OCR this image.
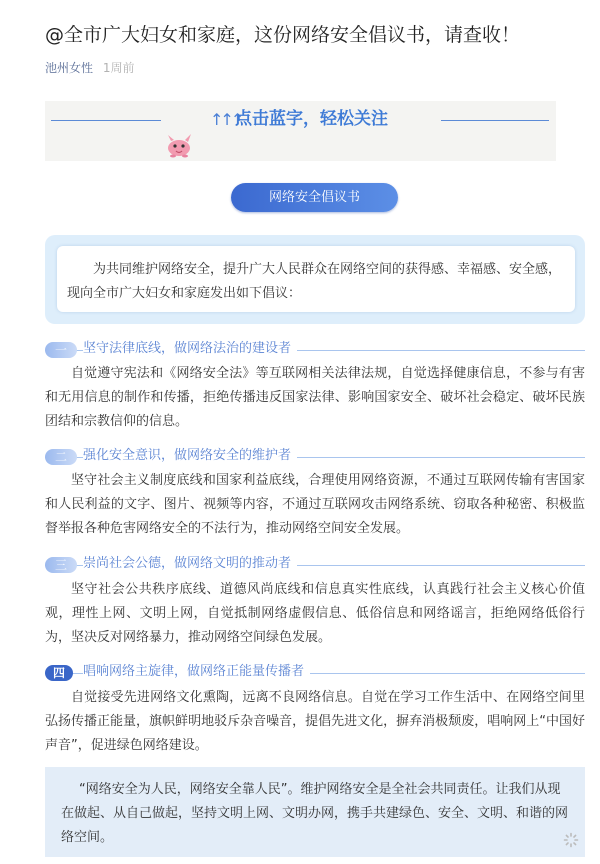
@全市广大妇女和家庭，这份网络安全倡议书，请查收！
池州女性 1周前
↑↑↑
点击蓝字，轻松关注
网络安全倡议书

为共同维护网络安全，提升广大人民群众在网络空间的获得感、幸福感、安全感，现向全市广大妇女和家庭发出如下倡议：

一	坚守法律底线，做网络法治的建设者

自觉遵守宪法和《网络安全法》等互联网相关法律法规，自觉选择健康信息，不参与有害和无用信息的制作和传播，拒绝传播违反国家法律、影响国家安全、破坏社会稳定、破坏民族团结和宗教信仰的信息。

二	强化安全意识，做网络安全的维护者

坚守社会主义制度底线和国家利益底线，合理使用网络资源，不通过互联网传输有害国家和人民利益的文字、图片、视频等内容，不通过互联网攻击网络系统、窃取各种秘密、积极监督举报各种危害网络安全的不法行为，推动网络空间安全发展。

三	崇尚社会公德，做网络文明的推动者

坚守社会公共秩序底线、道德风尚底线和信息真实性底线，认真践行社会主义核心价值观，理性上网、文明上网，自觉抵制网络虚假信息、低俗信息和网络谣言，拒绝网络低俗行为，坚决反对网络暴力，推动网络空间绿色发展。

四	唱响网络主旋律，做网络正能量传播者

自觉接受先进网络文化熏陶，远离不良网络信息。自觉在学习工作生活中、在网络空间里弘扬传播正能量，旗帜鲜明地驳斥杂音噪音，提倡先进文化，摒弃消极颓废，唱响网上“中国好声音”，促进绿色网络建设。

“网络安全为人民，网络安全靠人民”。维护网络安全是全社会共同责任。让我们从现在做起、从自己做起，坚持文明上网、文明办网，携手共建绿色、安全、文明、和谐的网络空间。
